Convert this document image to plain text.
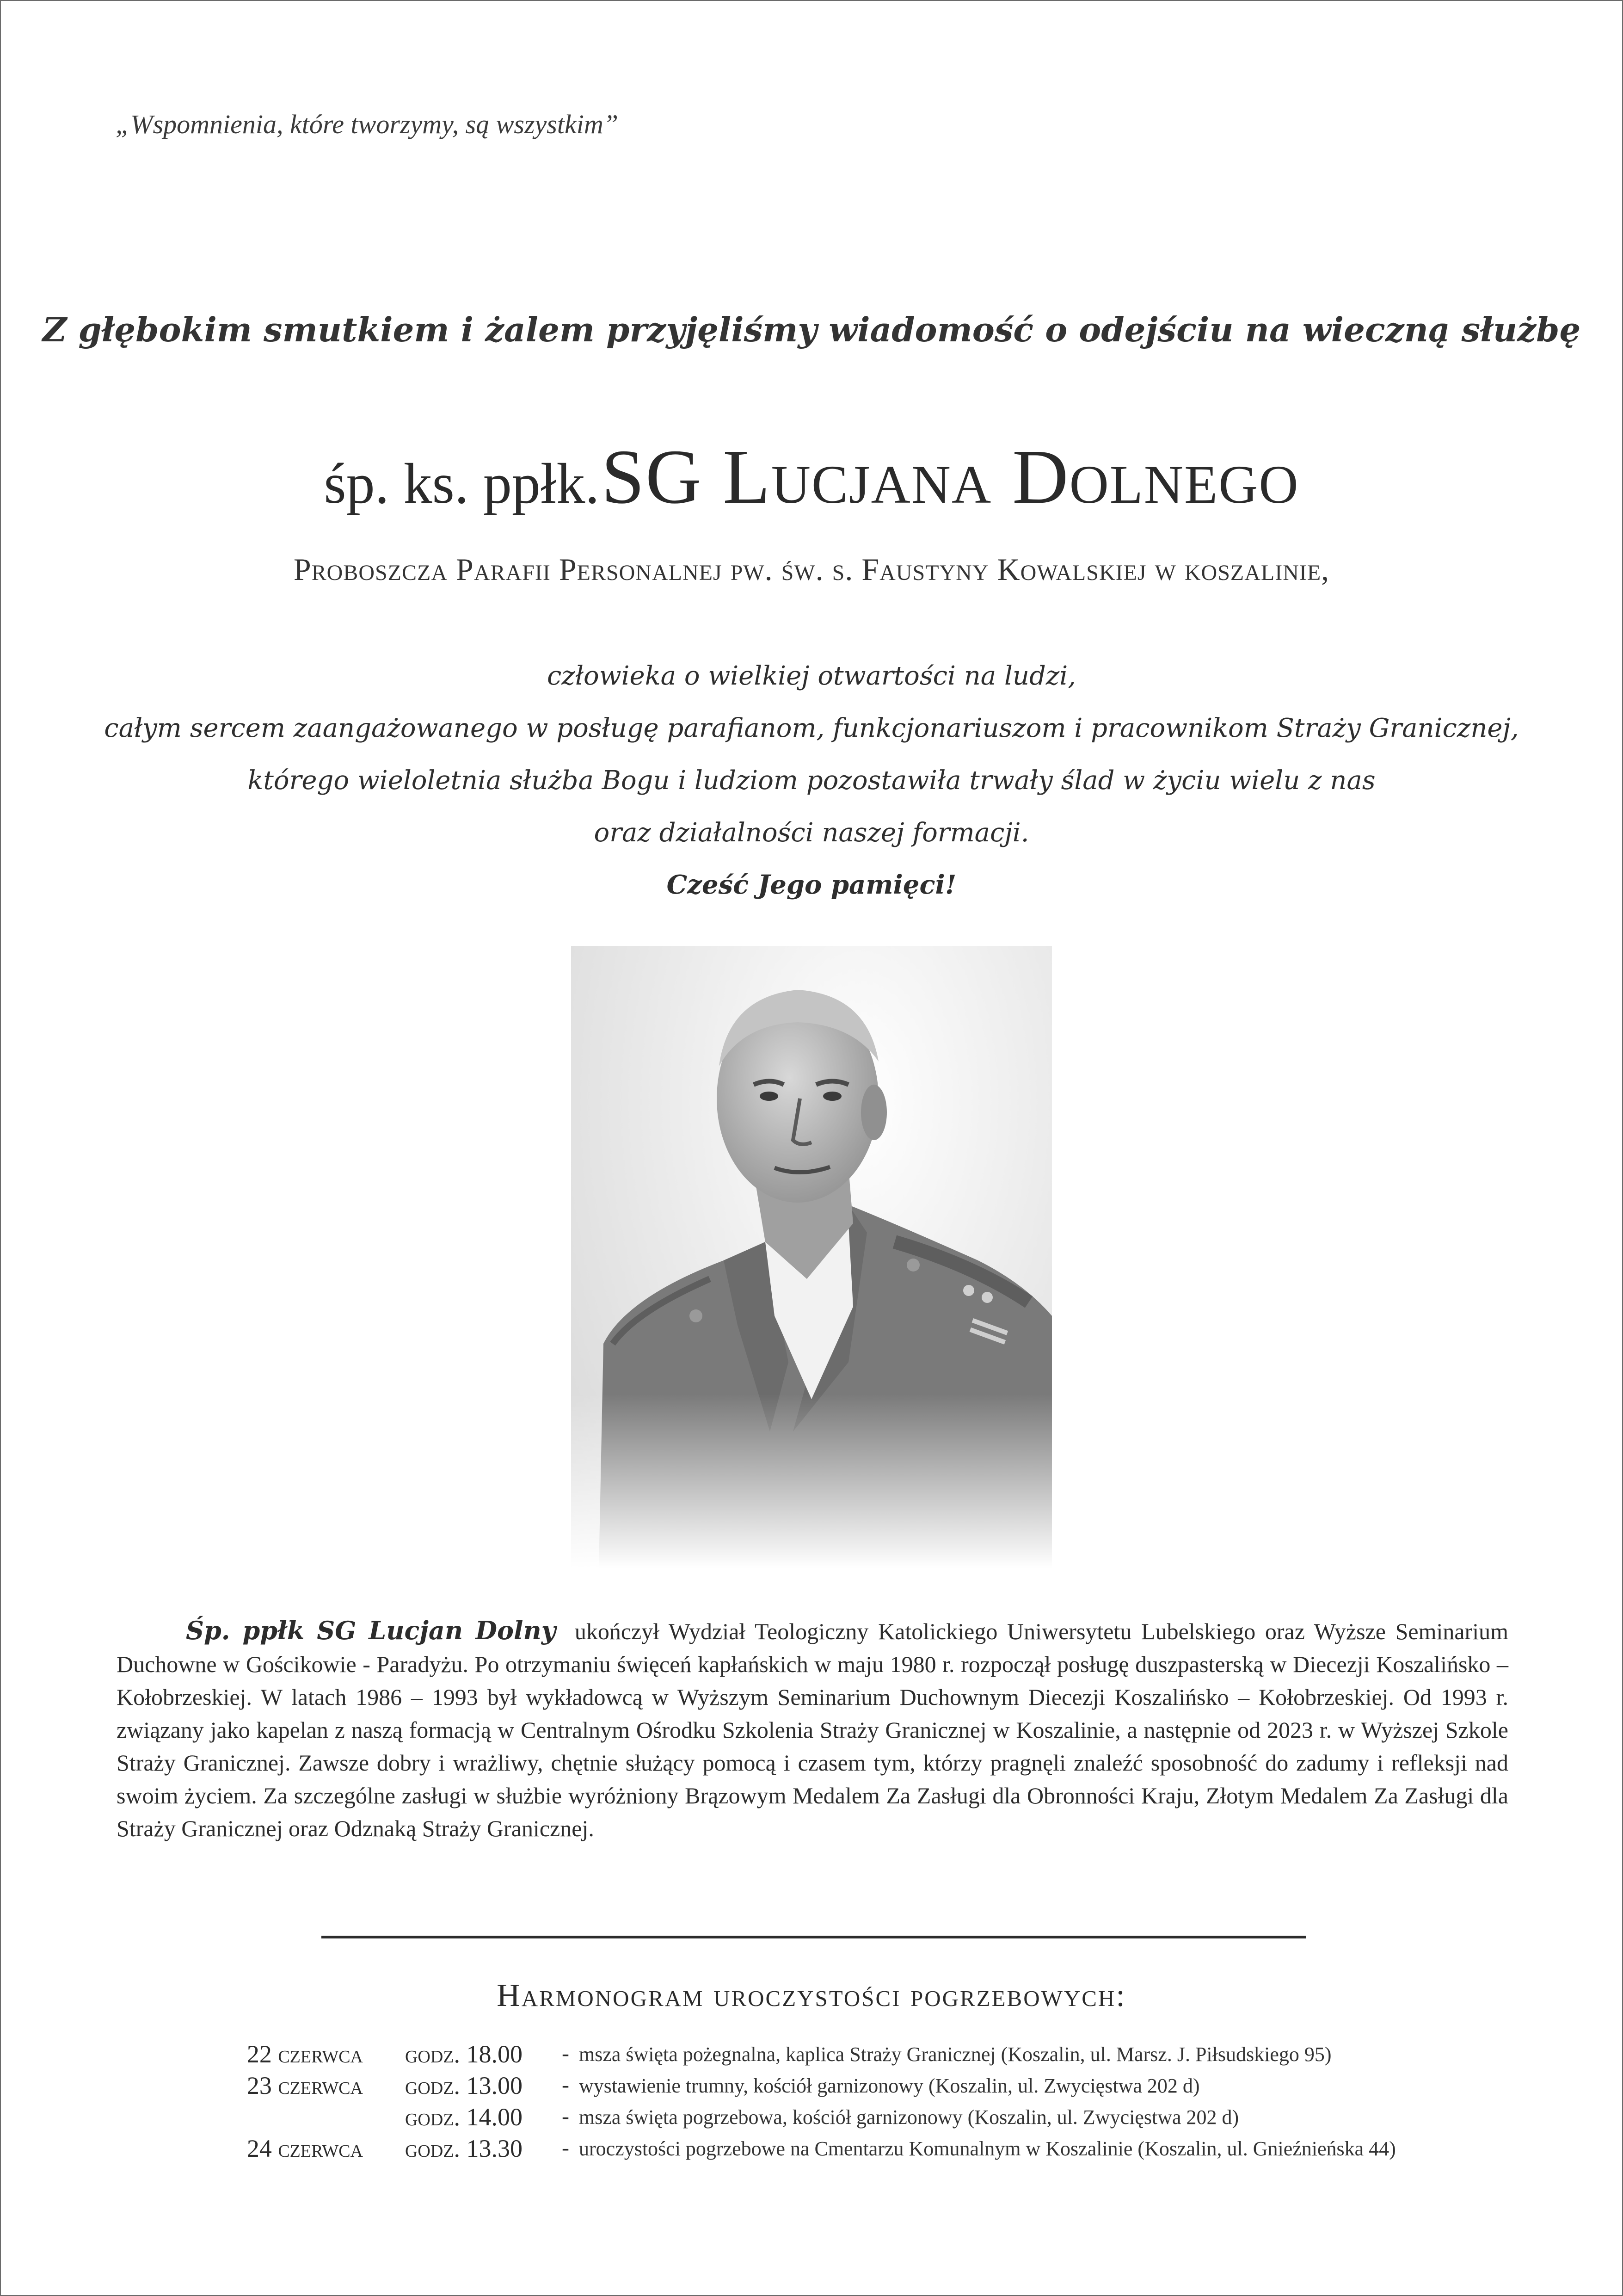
„Wspomnienia, które tworzymy, są wszystkim”
Z głębokim smutkiem i żalem przyjęliśmy wiadomość o odejściu na wieczną służbę
śp. ks. ppłk. SG Lucjana Dolnego
Proboszcza Parafii Personalnej pw. św. s. Faustyny Kowalskiej w koszalinie,
człowieka o wielkiej otwartości na ludzi,
całym sercem zaangażowanego w posługę parafianom, funkcjonariuszom i pracownikom Straży Granicznej,
którego wieloletnia służba Bogu i ludziom pozostawiła trwały ślad w życiu wielu z nas
oraz działalności naszej formacji.
Cześć Jego pamięci!
Śp. ppłk SG Lucjan Dolny ukończył Wydział Teologiczny Katolickiego Uniwersytetu Lubelskiego oraz Wyższe Seminarium Duchowne w Gościkowie - Paradyżu. Po otrzymaniu święceń kapłańskich w maju 1980 r. rozpoczął posługę duszpasterską w Diecezji Koszalińsko – Kołobrzeskiej. W latach 1986 – 1993 był wykładowcą w Wyższym Seminarium Duchownym Diecezji Koszalińsko – Kołobrzeskiej. Od 1993 r. związany jako kapelan z naszą formacją w Centralnym Ośrodku Szkolenia Straży Granicznej w Koszalinie, a następnie od 2023 r. w Wyższej Szkole Straży Granicznej. Zawsze dobry i wrażliwy, chętnie służący pomocą i czasem tym, którzy pragnęli znaleźć sposobność do zadumy i refleksji nad swoim życiem. Za szczególne zasługi w służbie wyróżniony Brązowym Medalem Za Zasługi dla Obronności Kraju, Złotym Medalem Za Zasługi dla Straży Granicznej oraz Odznaką Straży Granicznej.
Harmonogram uroczystości pogrzebowych:
22 czerwca godz. 18.00 - msza święta pożegnalna, kaplica Straży Granicznej (Koszalin, ul. Marsz. J. Piłsudskiego 95)
23 czerwca godz. 13.00 - wystawienie trumny, kościół garnizonowy (Koszalin, ul. Zwycięstwa 202 d)
godz. 14.00 - msza święta pogrzebowa, kościół garnizonowy (Koszalin, ul. Zwycięstwa 202 d)
24 czerwca godz. 13.30 - uroczystości pogrzebowe na Cmentarzu Komunalnym w Koszalinie (Koszalin, ul. Gnieźnieńska 44)
